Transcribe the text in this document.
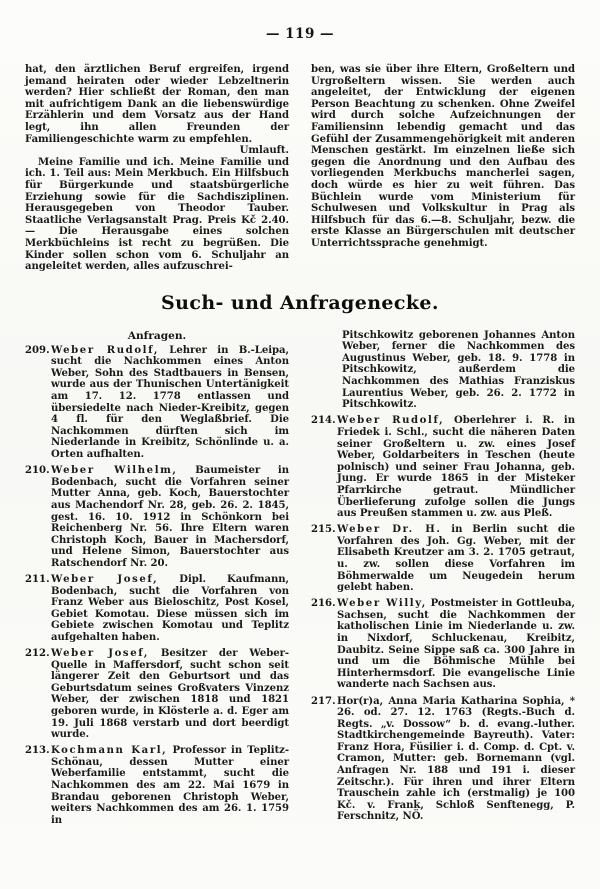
— 119 —

hat, den ärztlichen Beruf ergreifen, irgend jemand heiraten oder wieder Lebzeltnerin werden? Hier schließt der Roman, den man mit aufrichtigem Dank an die liebenswürdige Erzählerin und dem Vorsatz aus der Hand legt, ihn allen Freunden der Familiengeschichte warm zu empfehlen.
Umlauft.

Meine Familie und ich. Meine Familie und ich. 1. Teil aus: Mein Merkbuch. Ein Hilfsbuch für Bürgerkunde und staatsbürgerliche Erziehung sowie für die Sachdisziplinen. Herausgegeben von Theodor Tauber. Staatliche Verlagsanstalt Prag. Preis Kč 2.40. — Die Herausgabe eines solchen Merkbüchleins ist recht zu begrüßen. Die Kinder sollen schon vom 6. Schuljahr an angeleitet werden, alles aufzuschrei-

ben, was sie über ihre Eltern, Großeltern und Urgroßeltern wissen. Sie werden auch angeleitet, der Entwicklung der eigenen Person Beachtung zu schenken. Ohne Zweifel wird durch solche Aufzeichnungen der Familiensinn lebendig gemacht und das Gefühl der Zusammengehörigkeit mit anderen Menschen gestärkt. Im einzelnen ließe sich gegen die Anordnung und den Aufbau des vorliegenden Merkbuchs mancherlei sagen, doch würde es hier zu weit führen. Das Büchlein wurde vom Ministerium für Schulwesen und Volkskultur in Prag als Hilfsbuch für das 6.—8. Schuljahr, bezw. die erste Klasse an Bürgerschulen mit deutscher Unterrichtssprache genehmigt.

Such- und Anfragenecke.
Anfragen.
209. Weber Rudolf, Lehrer in B.-Leipa, sucht die Nachkommen eines Anton Weber, Sohn des Stadtbauers in Bensen, wurde aus der Thunischen Untertänigkeit am 17. 12. 1778 entlassen und übersiedelte nach Nieder-Kreibitz, gegen 4 fl. für den Weglaßbrief. Die Nachkommen dürften sich im Niederlande in Kreibitz, Schönlinde u. a. Orten aufhalten.
210. Weber Wilhelm, Baumeister in Bodenbach, sucht die Vorfahren seiner Mutter Anna, geb. Koch, Bauerstochter aus Machendorf Nr. 28, geb. 26. 2. 1845, gest. 16. 10. 1912 in Schönkorn bei Reichenberg Nr. 56. Ihre Eltern waren Christoph Koch, Bauer in Machersdorf, und Helene Simon, Bauerstochter aus Ratschendorf Nr. 20.
211. Weber Josef, Dipl. Kaufmann, Bodenbach, sucht die Vorfahren von Franz Weber aus Bieloschitz, Post Kosel, Gebiet Komotau. Diese müssen sich im Gebiete zwischen Komotau und Teplitz aufgehalten haben.
212. Weber Josef, Besitzer der Weber-Quelle in Maffersdorf, sucht schon seit längerer Zeit den Geburtsort und das Geburtsdatum seines Großvaters Vinzenz Weber, der zwischen 1818 und 1821 geboren wurde, in Klösterle a. d. Eger am 19. Juli 1868 verstarb und dort beerdigt wurde.
213. Kochmann Karl, Professor in Teplitz-Schönau, dessen Mutter einer Weberfamilie entstammt, sucht die Nachkommen des am 22. Mai 1679 in Brandau geborenen Christoph Weber, weiters Nachkommen des am 26. 1. 1759 in
Pitschkowitz geborenen Johannes Anton Weber, ferner die Nachkommen des Augustinus Weber, geb. 18. 9. 1778 in Pitschkowitz, außerdem die Nachkommen des Mathias Franziskus Laurentius Weber, geb. 26. 2. 1772 in Pitschkowitz.
214. Weber Rudolf, Oberlehrer i. R. in Friedek i. Schl., sucht die näheren Daten seiner Großeltern u. zw. eines Josef Weber, Goldarbeiters in Teschen (heute polnisch) und seiner Frau Johanna, geb. Jung. Er wurde 1865 in der Misteker Pfarrkirche getraut. Mündlicher Überlieferung zufolge sollen die Jungs aus Preußen stammen u. zw. aus Pleß.
215. Weber Dr. H. in Berlin sucht die Vorfahren des Joh. Gg. Weber, mit der Elisabeth Kreutzer am 3. 2. 1705 getraut, u. zw. sollen diese Vorfahren im Böhmerwalde um Neugedein herum gelebt haben.
216. Weber Willy, Postmeister in Gottleuba, Sachsen, sucht die Nachkommen der katholischen Linie im Niederlande u. zw. in Nixdorf, Schluckenau, Kreibitz, Daubitz. Seine Sippe saß ca. 300 Jahre in und um die Böhmische Mühle bei Hinterhermsdorf. Die evangelische Linie wanderte nach Sachsen aus.
217. Hor(r)a, Anna Maria Katharina Sophia, * 26. od. 27. 12. 1763 (Regts.-Buch d. Regts. „v. Dossow“ b. d. evang.-luther. Stadtkirchengemeinde Bayreuth). Vater: Franz Hora, Füsilier i. d. Comp. d. Cpt. v. Cramon, Mutter: geb. Bornemann (vgl. Anfragen Nr. 188 und 191 i. dieser Zeitschr.). Für ihren und ihrer Eltern Trauschein zahle ich (erstmalig) je 100 Kč. v. Frank, Schloß Senftenegg, P. Ferschnitz, NÖ.
